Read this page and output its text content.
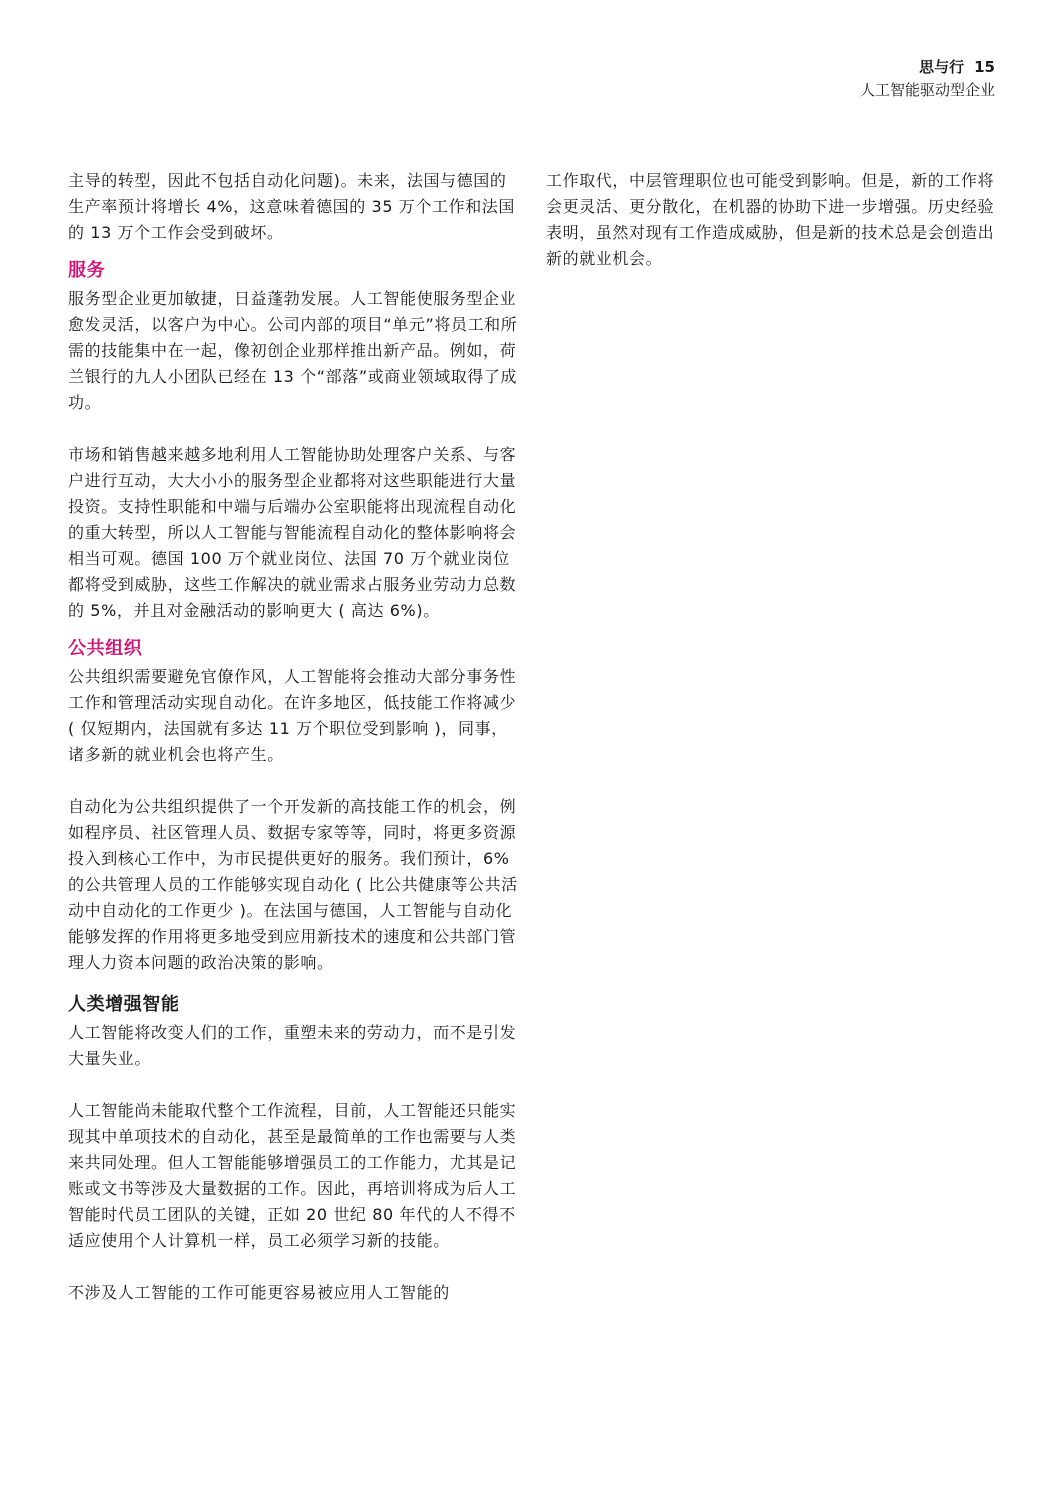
思与行 15
人工智能驱动型企业

主导的转型，因此不包括自动化问题)。未来，法国与德国的生产率预计将增长 4%，这意味着德国的 35 万个工作和法国的 13 万个工作会受到破坏。

服务

服务型企业更加敏捷，日益蓬勃发展。人工智能使服务型企业愈发灵活，以客户为中心。公司内部的项目“单元”将员工和所需的技能集中在一起，像初创企业那样推出新产品。例如，荷兰银行的九人小团队已经在 13 个“部落”或商业领域取得了成功。

市场和销售越来越多地利用人工智能协助处理客户关系、与客户进行互动，大大小小的服务型企业都将对这些职能进行大量投资。支持性职能和中端与后端办公室职能将出现流程自动化的重大转型，所以人工智能与智能流程自动化的整体影响将会相当可观。德国 100 万个就业岗位、法国 70 万个就业岗位都将受到威胁，这些工作解决的就业需求占服务业劳动力总数的 5%，并且对金融活动的影响更大 ( 高达 6%)。

公共组织

公共组织需要避免官僚作风，人工智能将会推动大部分事务性工作和管理活动实现自动化。在许多地区，低技能工作将减少 ( 仅短期内，法国就有多达 11 万个职位受到影响 )，同事，诸多新的就业机会也将产生。

自动化为公共组织提供了一个开发新的高技能工作的机会，例如程序员、社区管理人员、数据专家等等，同时，将更多资源投入到核心工作中，为市民提供更好的服务。我们预计，6% 的公共管理人员的工作能够实现自动化 ( 比公共健康等公共活动中自动化的工作更少 )。在法国与德国，人工智能与自动化能够发挥的作用将更多地受到应用新技术的速度和公共部门管理人力资本问题的政治决策的影响。

人类增强智能

人工智能将改变人们的工作，重塑未来的劳动力，而不是引发大量失业。

人工智能尚未能取代整个工作流程，目前，人工智能还只能实现其中单项技术的自动化，甚至是最简单的工作也需要与人类来共同处理。但人工智能能够增强员工的工作能力，尤其是记账或文书等涉及大量数据的工作。因此，再培训将成为后人工智能时代员工团队的关键，正如 20 世纪 80 年代的人不得不适应使用个人计算机一样，员工必须学习新的技能。

不涉及人工智能的工作可能更容易被应用人工智能的

工作取代，中层管理职位也可能受到影响。但是，新的工作将会更灵活、更分散化，在机器的协助下进一步增强。历史经验表明，虽然对现有工作造成威胁，但是新的技术总是会创造出新的就业机会。
